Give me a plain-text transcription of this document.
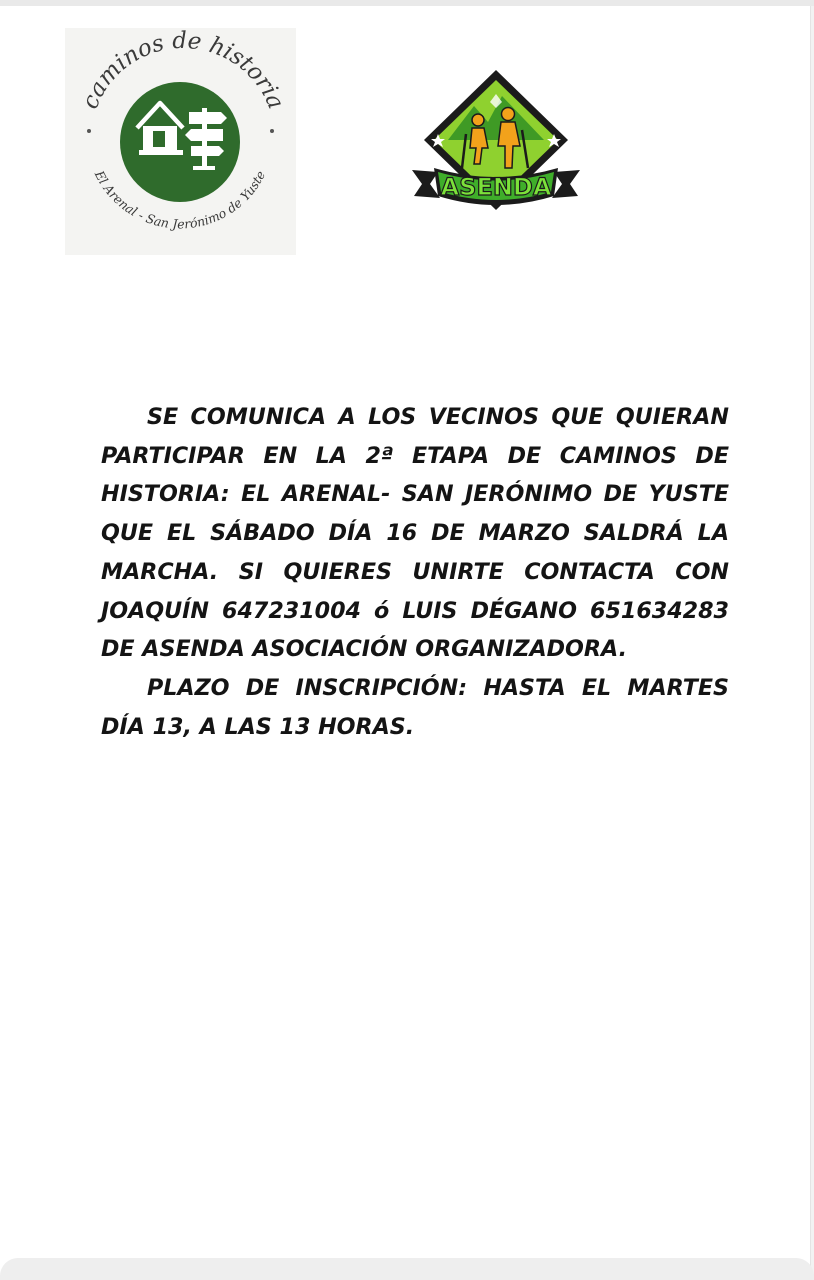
caminos de historia
El Arenal - San Jerónimo de Yuste	ASENDA

SE COMUNICA A LOS VECINOS QUE QUIERAN PARTICIPAR EN LA 2ª ETAPA DE CAMINOS DE HISTORIA: EL ARENAL- SAN JERÓNIMO DE YUSTE QUE EL SÁBADO DÍA 16 DE MARZO SALDRÁ LA MARCHA. SI QUIERES UNIRTE CONTACTA CON JOAQUÍN 647231004 ó LUIS DÉGANO 651634283 DE ASENDA ASOCIACIÓN ORGANIZADORA.

PLAZO DE INSCRIPCIÓN: HASTA EL MARTES DÍA 13, A LAS 13 HORAS.
